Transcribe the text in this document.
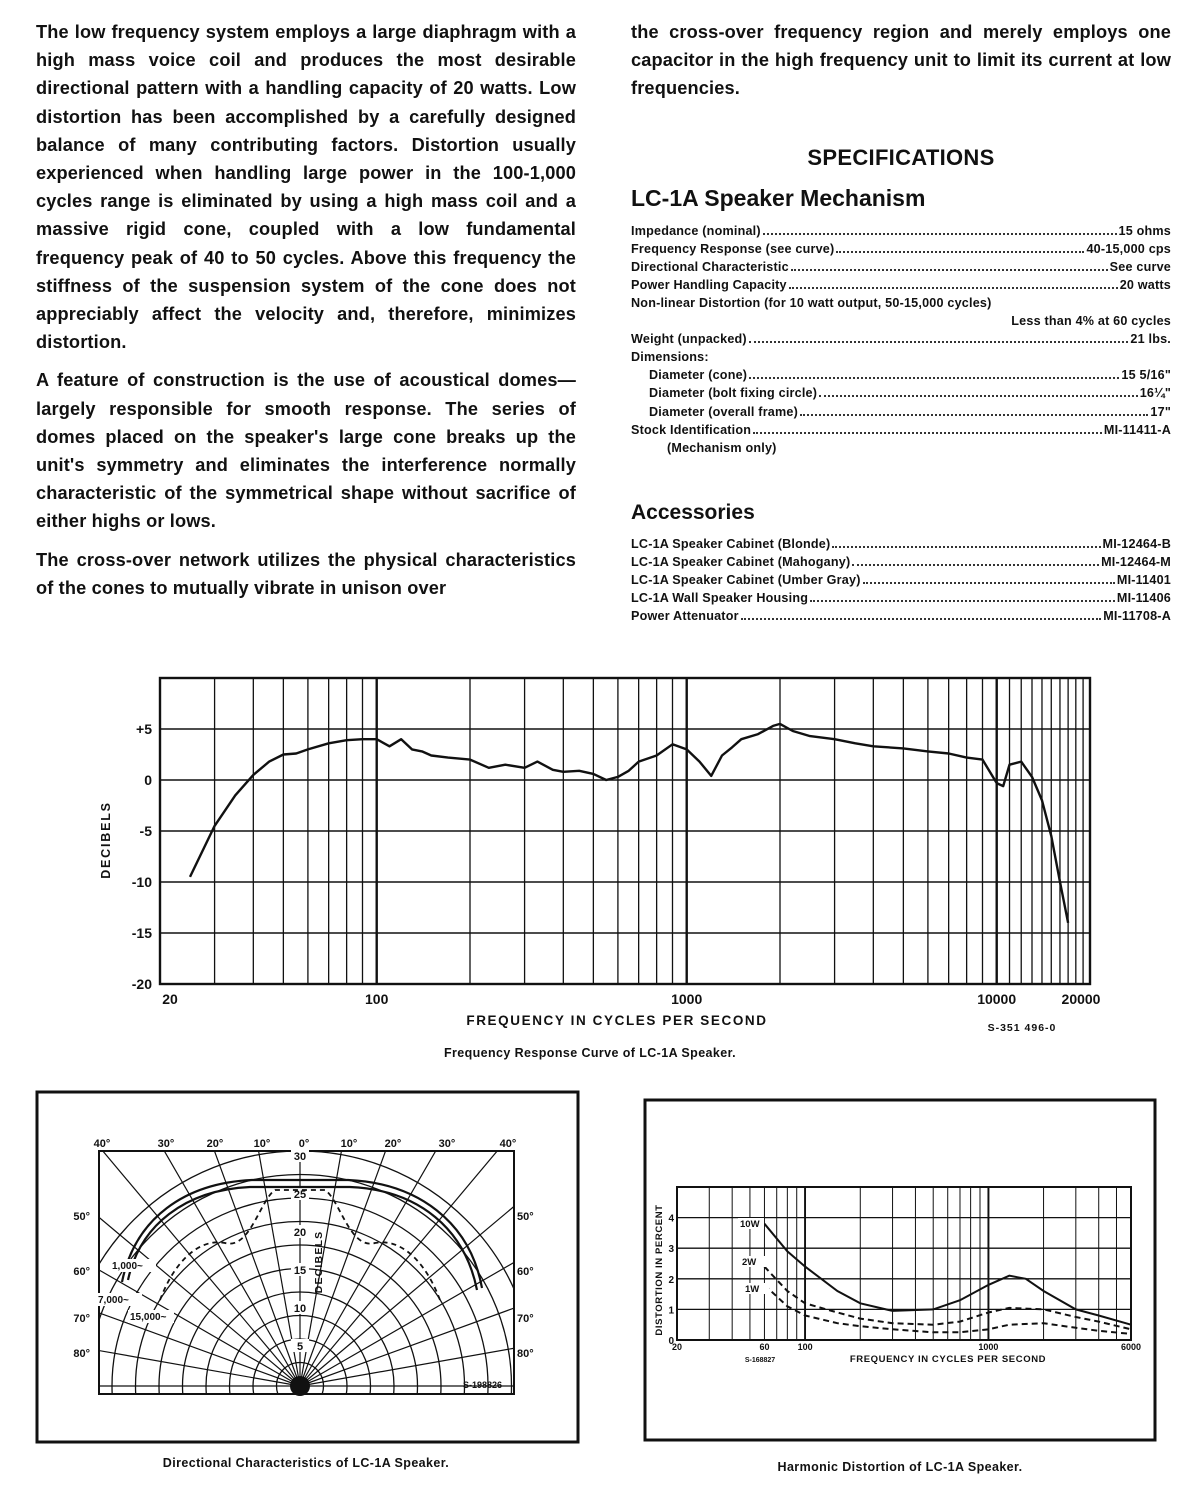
The low frequency system employs a large diaphragm with a high mass voice coil and produces the most desirable directional pattern with a handling capacity of 20 watts. Low distortion has been accomplished by a carefully designed balance of many contributing factors. Distortion usually experienced when handling large power in the 100-1,000 cycles range is eliminated by using a high mass coil and a massive rigid cone, coupled with a low fundamental frequency peak of 40 to 50 cycles. Above this frequency the stiffness of the suspension system of the cone does not appreciably affect the velocity and, therefore, minimizes distortion.

A feature of construction is the use of acoustical domes—largely responsible for smooth response. The series of domes placed on the speaker's large cone breaks up the unit's symmetry and eliminates the interference normally characteristic of the symmetrical shape without sacrifice of either highs or lows.

The cross-over network utilizes the physical characteristics of the cones to mutually vibrate in unison over

the cross-over frequency region and merely employs one capacitor in the high frequency unit to limit its current at low frequencies.

SPECIFICATIONS
LC-1A Speaker Mechanism
Impedance (nominal)	15 ohms
Frequency Response (see curve)	40-15,000 cps
Directional Characteristic	See curve
Power Handling Capacity	20 watts
Non-linear Distortion (for 10 watt output, 50-15,000 cycles)
Less than 4% at 60 cycles
Weight (unpacked)	21 lbs.
Dimensions:
Diameter (cone)	15 5/16"
Diameter (bolt fixing circle)	16¼"
Diameter (overall frame)	17"
Stock Identification	MI-11411-A
(Mechanism only)
Accessories
LC-1A Speaker Cabinet (Blonde)	MI-12464-B
LC-1A Speaker Cabinet (Mahogany)	MI-12464-M
LC-1A Speaker Cabinet (Umber Gray)	MI-11401
LC-1A Wall Speaker Housing	MI-11406
Power Attenuator	MI-11708-A
+5
0
-5
-10
-15
-20
20	100	1000	10000	20000
FREQUENCY IN CYCLES PER SECOND
DECIBELS
S-351 496-0
5
10
15
20
25
30
DECIBELS
40°	30°	20°	10°	0°	10° 20°	30°	40°
50°	50°
60°	60°
70°	70°
80°	80°
1,000~
7,000~
15,000~
S-198826
0
1
2
3
4
20	60	100	1000	6000
FREQUENCY IN CYCLES PER SECOND
DISTORTION IN PERCENT
S-168827
10W
2W
1W
Frequency Response Curve of LC-1A Speaker.
Directional Characteristics of LC-1A Speaker.	Harmonic Distortion of LC-1A Speaker.
